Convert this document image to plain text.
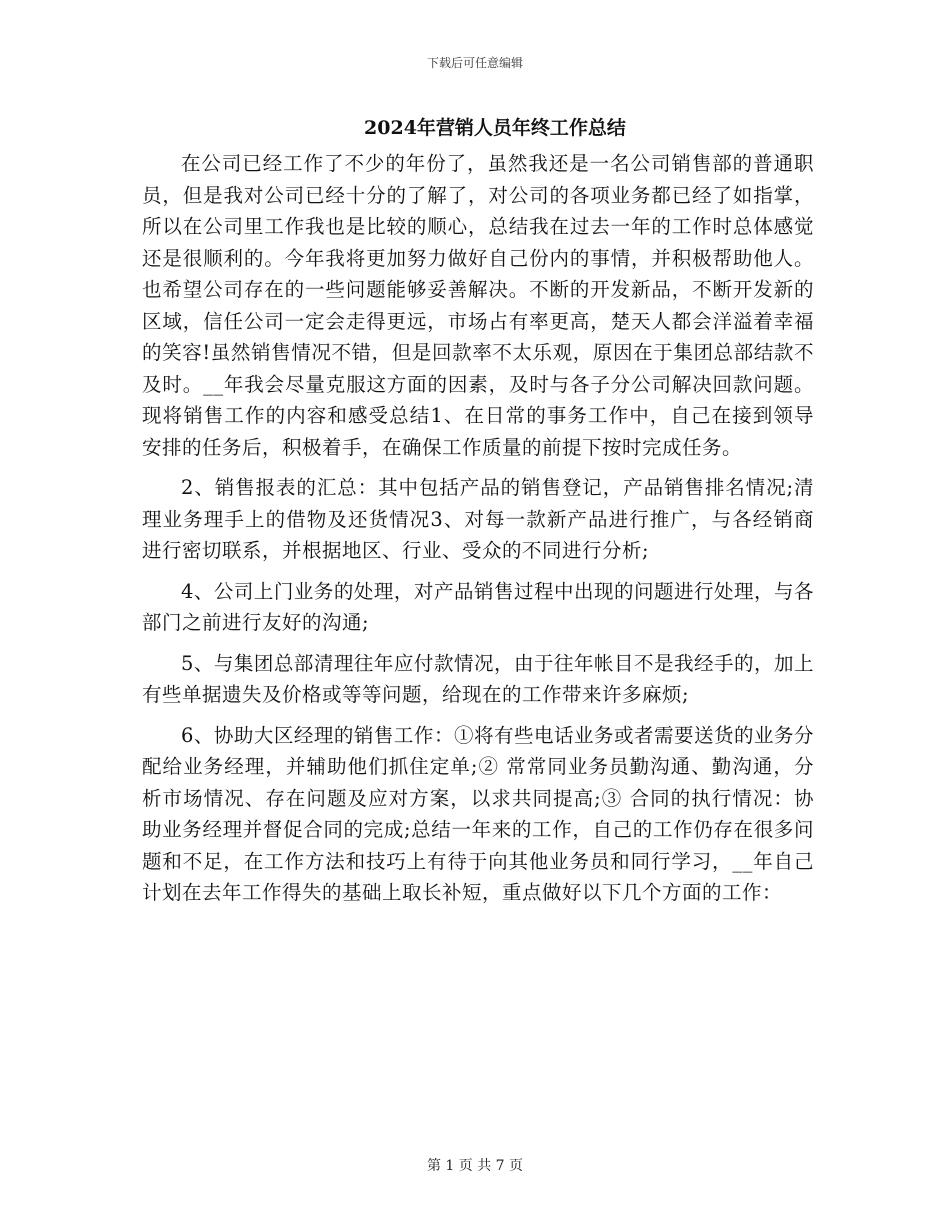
下载后可任意编辑
2024年营销人员年终工作总结

在公司已经工作了不少的年份了，虽然我还是一名公司销售部的普通职员，但是我对公司已经十分的了解了，对公司的各项业务都已经了如指掌，所以在公司里工作我也是比较的顺心，总结我在过去一年的工作时总体感觉还是很顺利的。今年我将更加努力做好自己份内的事情，并积极帮助他人。也希望公司存在的一些问题能够妥善解决。不断的开发新品，不断开发新的区域，信任公司一定会走得更远，市场占有率更高，楚天人都会洋溢着幸福的笑容!虽然销售情况不错，但是回款率不太乐观，原因在于集团总部结款不及时。__年我会尽量克服这方面的因素，及时与各子分公司解决回款问题。现将销售工作的内容和感受总结1、在日常的事务工作中，自己在接到领导安排的任务后，积极着手，在确保工作质量的前提下按时完成任务。

2、销售报表的汇总：其中包括产品的销售登记，产品销售排名情况;清理业务理手上的借物及还货情况3、对每一款新产品进行推广，与各经销商进行密切联系，并根据地区、行业、受众的不同进行分析;

4、公司上门业务的处理，对产品销售过程中出现的问题进行处理，与各部门之前进行友好的沟通;

5、与集团总部清理往年应付款情况，由于往年帐目不是我经手的，加上有些单据遗失及价格或等等问题，给现在的工作带来许多麻烦;

6、协助大区经理的销售工作：①将有些电话业务或者需要送货的业务分配给业务经理，并辅助他们抓住定单;② 常常同业务员勤沟通、勤沟通，分析市场情况、存在问题及应对方案，以求共同提高;③ 合同的执行情况：协助业务经理并督促合同的完成;总结一年来的工作，自己的工作仍存在很多问题和不足，在工作方法和技巧上有待于向其他业务员和同行学习，__年自己计划在去年工作得失的基础上取长补短，重点做好以下几个方面的工作：

第 1 页 共 7 页
